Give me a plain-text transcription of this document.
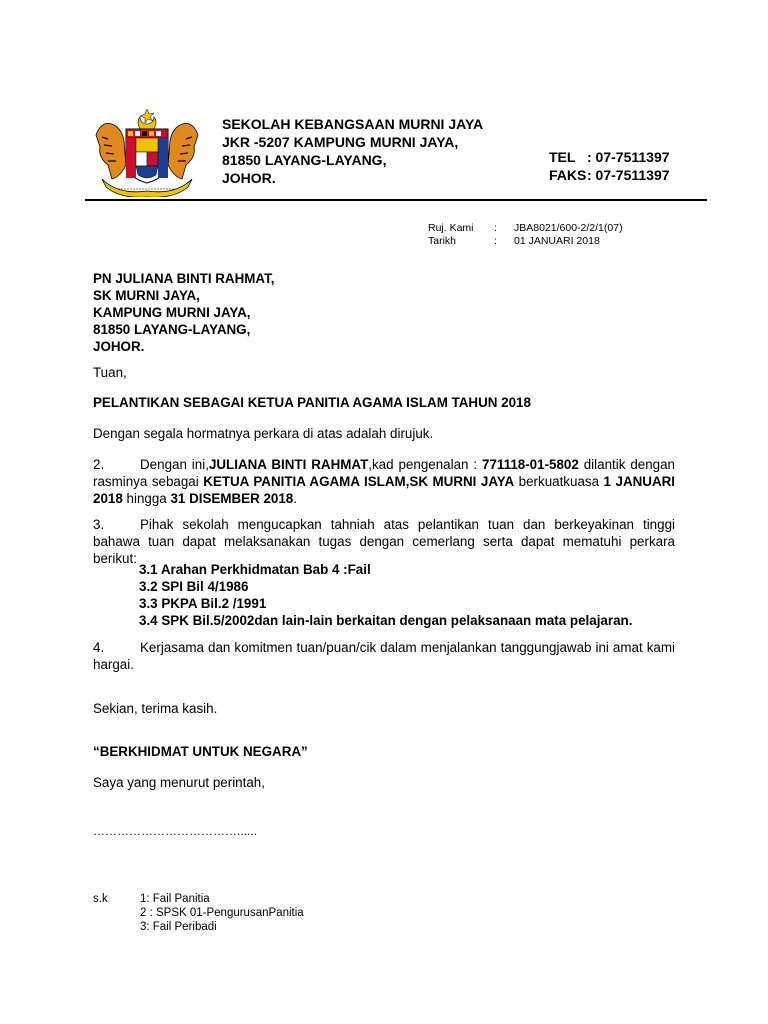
SEKOLAH KEBANGSAAN MURNI JAYA
JKR -5207 KAMPUNG MURNI JAYA,
81850 LAYANG-LAYANG,
JOHOR.
TEL : 07-7511397
FAKS : 07-7511397
Ruj. Kami	:	JBA8021/600-2/2/1(07)
Tarikh	:	01 JANUARI 2018
PN JULIANA BINTI RAHMAT,
SK MURNI JAYA,
KAMPUNG MURNI JAYA,
81850 LAYANG-LAYANG,
JOHOR.
Tuan,
PELANTIKAN SEBAGAI KETUA PANITIA AGAMA ISLAM TAHUN 2018
Dengan segala hormatnya perkara di atas adalah dirujuk.
2.	Dengan ini,JULIANA BINTI RAHMAT,kad pengenalan : 771118-01-5802 dilantik dengan rasminya sebagai KETUA PANITIA AGAMA ISLAM,SK MURNI JAYA berkuatkuasa 1 JANUARI 2018 hingga 31 DISEMBER 2018.
3.	Pihak sekolah mengucapkan tahniah atas pelantikan tuan dan berkeyakinan tinggi bahawa tuan dapat melaksanakan tugas dengan cemerlang serta dapat mematuhi perkara berikut:
3.1 Arahan Perkhidmatan Bab 4 :Fail
3.2 SPI Bil 4/1986
3.3 PKPA Bil.2 /1991
3.4 SPK Bil.5/2002dan lain-lain berkaitan dengan pelaksanaan mata pelajaran.
4.	Kerjasama dan komitmen tuan/puan/cik dalam menjalankan tanggungjawab ini amat kami hargai.
Sekian, terima kasih.
“BERKHIDMAT UNTUK NEGARA”
Saya yang menurut perintah,
………………………………......
s.k	1: Fail Panitia
2 : SPSK 01-PengurusanPanitia
3: Fail Peribadi
